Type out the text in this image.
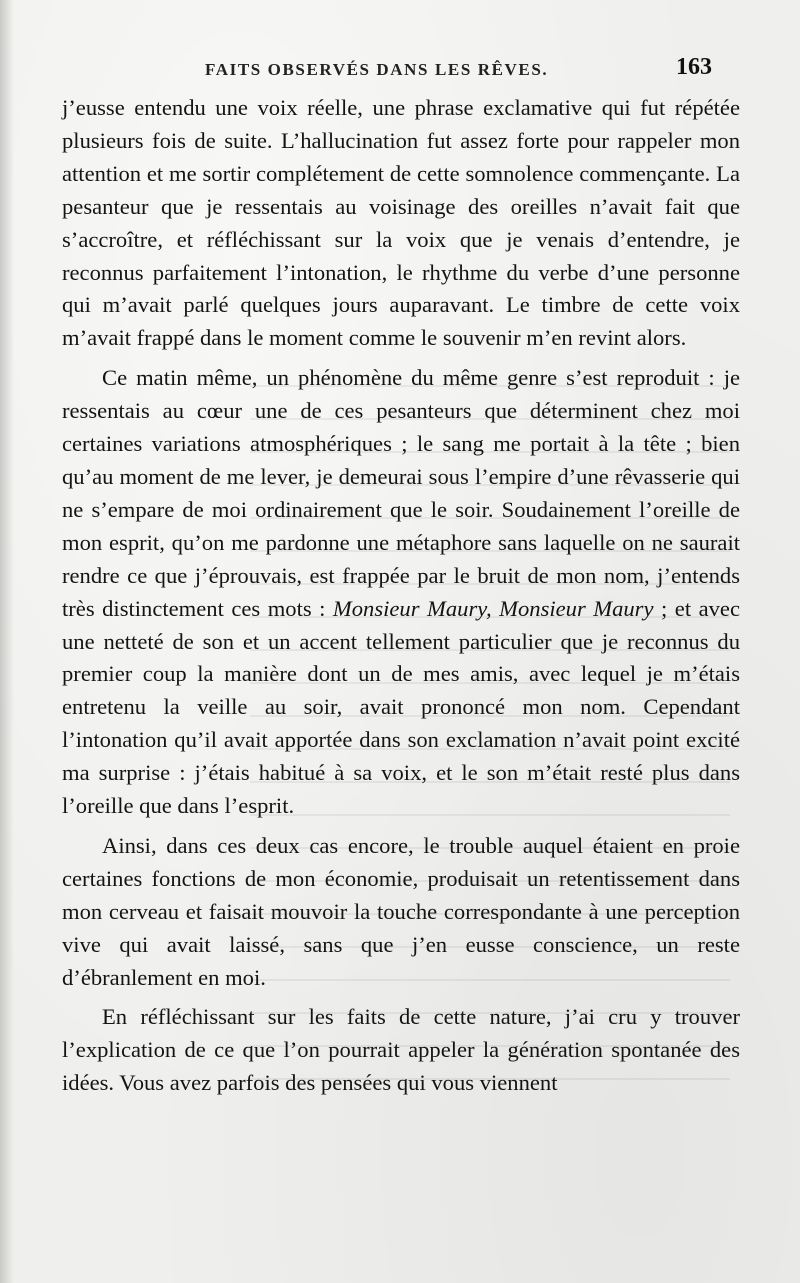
FAITS OBSERVÉS DANS LES RÊVES.	163

j’eusse entendu une voix réelle, une phrase exclamative qui fut répétée plusieurs fois de suite. L’hallucination fut assez forte pour rappeler mon attention et me sortir complétement de cette somnolence commençante. La pesanteur que je ressentais au voisinage des oreilles n’avait fait que s’accroître, et réfléchissant sur la voix que je venais d’entendre, je reconnus parfaitement l’intonation, le rhythme du verbe d’une personne qui m’avait parlé quelques jours auparavant. Le timbre de cette voix m’avait frappé dans le moment comme le souvenir m’en revint alors.

Ce matin même, un phénomène du même genre s’est reproduit : je ressentais au cœur une de ces pesanteurs que déterminent chez moi certaines variations atmosphériques ; le sang me portait à la tête ; bien qu’au moment de me lever, je demeurai sous l’empire d’une rêvasserie qui ne s’empare de moi ordinairement que le soir. Soudainement l’oreille de mon esprit, qu’on me pardonne une métaphore sans laquelle on ne saurait rendre ce que j’éprouvais, est frappée par le bruit de mon nom, j’entends très distinctement ces mots : Monsieur Maury, Monsieur Maury ; et avec une netteté de son et un accent tellement particulier que je reconnus du premier coup la manière dont un de mes amis, avec lequel je m’étais entretenu la veille au soir, avait prononcé mon nom. Cependant l’intonation qu’il avait apportée dans son exclamation n’avait point excité ma surprise : j’étais habitué à sa voix, et le son m’était resté plus dans l’oreille que dans l’esprit.

Ainsi, dans ces deux cas encore, le trouble auquel étaient en proie certaines fonctions de mon économie, produisait un retentissement dans mon cerveau et faisait mouvoir la touche correspondante à une perception vive qui avait laissé, sans que j’en eusse conscience, un reste d’ébranlement en moi.

En réfléchissant sur les faits de cette nature, j’ai cru y trouver l’explication de ce que l’on pourrait appeler la génération spontanée des idées. Vous avez parfois des pensées qui vous viennent
